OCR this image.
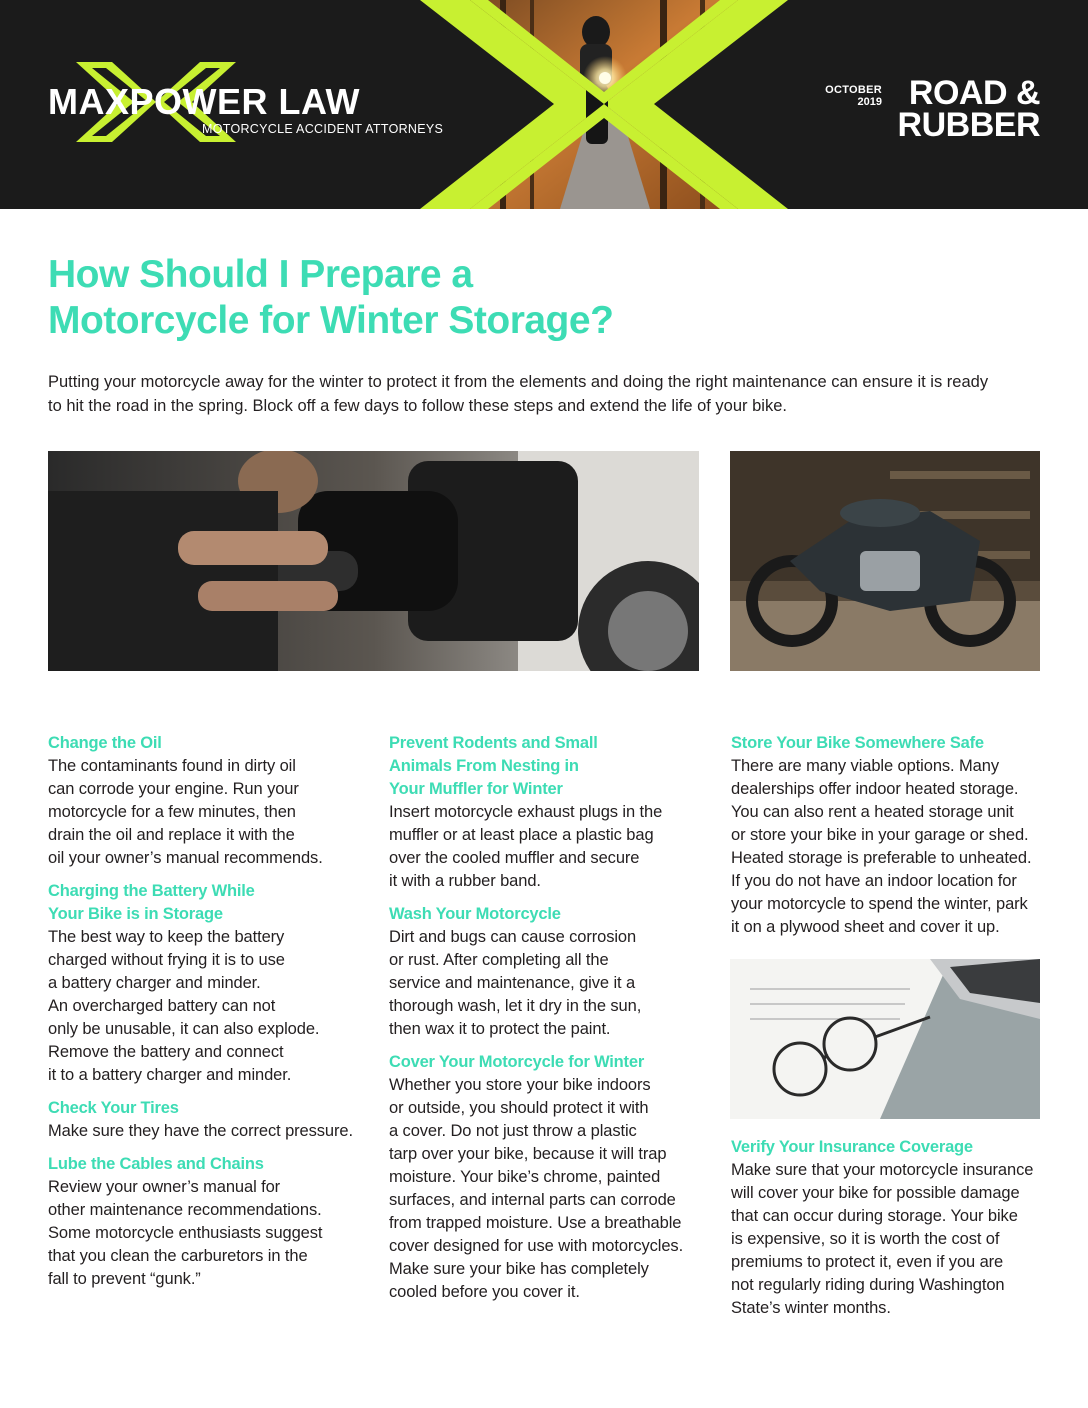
MAXPOWER LAW
MOTORCYCLE ACCIDENT ATTORNEYS
OCTOBER
2019 ROAD &
RUBBER
How Should I Prepare a
Motorcycle for Winter Storage?

Putting your motorcycle away for the winter to protect it from the elements and doing the right maintenance can ensure it is ready
to hit the road in the spring. Block off a few days to follow these steps and extend the life of your bike.

Change the Oil

The contaminants found in dirty oil
can corrode your engine. Run your
motorcycle for a few minutes, then
drain the oil and replace it with the
oil your owner’s manual recommends.

Charging the Battery While
Your Bike is in Storage

The best way to keep the battery
charged without frying it is to use
a battery charger and minder.
An overcharged battery can not
only be unusable, it can also explode.
Remove the battery and connect
it to a battery charger and minder.

Check Your Tires

Make sure they have the correct pressure.

Lube the Cables and Chains

Review your owner’s manual for
other maintenance recommendations.
Some motorcycle enthusiasts suggest
that you clean the carburetors in the
fall to prevent “gunk.”

Prevent Rodents and Small
Animals From Nesting in
Your Muffler for Winter

Insert motorcycle exhaust plugs in the
muffler or at least place a plastic bag
over the cooled muffler and secure
it with a rubber band.

Wash Your Motorcycle

Dirt and bugs can cause corrosion
or rust. After completing all the
service and maintenance, give it a
thorough wash, let it dry in the sun,
then wax it to protect the paint.

Cover Your Motorcycle for Winter

Whether you store your bike indoors
or outside, you should protect it with
a cover. Do not just throw a plastic
tarp over your bike, because it will trap
moisture. Your bike’s chrome, painted
surfaces, and internal parts can corrode
from trapped moisture. Use a breathable
cover designed for use with motorcycles.
Make sure your bike has completely
cooled before you cover it.

Store Your Bike Somewhere Safe

There are many viable options. Many
dealerships offer indoor heated storage.
You can also rent a heated storage unit
or store your bike in your garage or shed.
Heated storage is preferable to unheated.
If you do not have an indoor location for
your motorcycle to spend the winter, park
it on a plywood sheet and cover it up.

Verify Your Insurance Coverage

Make sure that your motorcycle insurance
will cover your bike for possible damage
that can occur during storage. Your bike
is expensive, so it is worth the cost of
premiums to protect it, even if you are
not regularly riding during Washington
State’s winter months.
